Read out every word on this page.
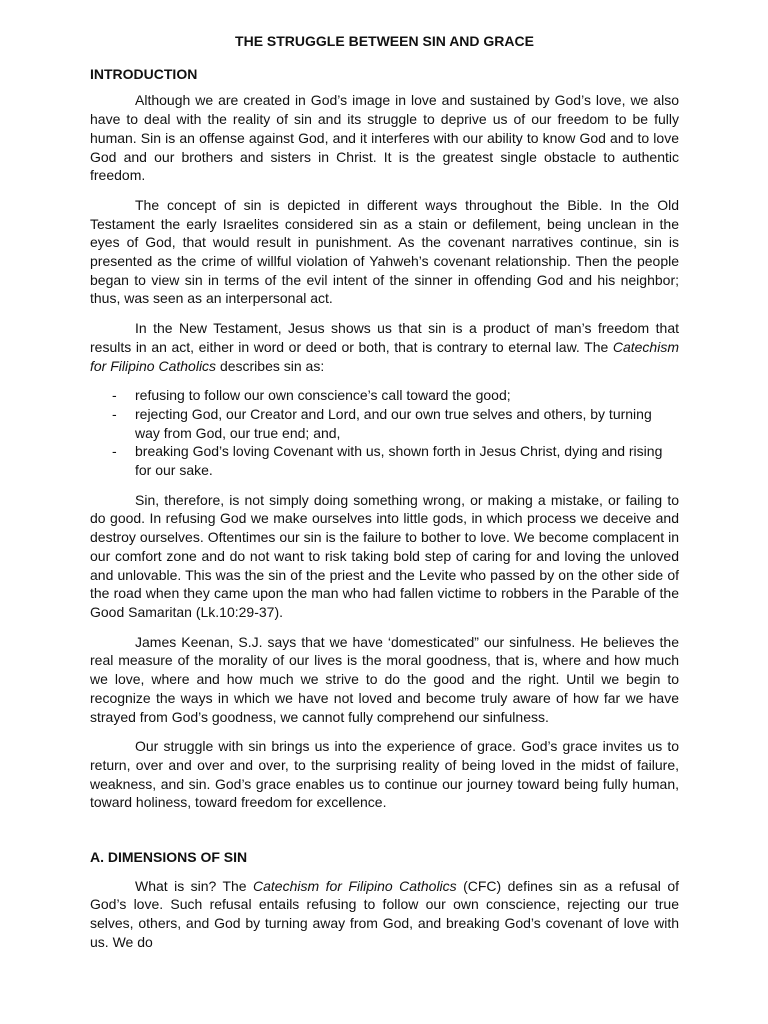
THE STRUGGLE BETWEEN SIN AND GRACE
INTRODUCTION

Although we are created in God’s image in love and sustained by God’s love, we also have to deal with the reality of sin and its struggle to deprive us of our freedom to be fully human. Sin is an offense against God, and it interferes with our ability to know God and to love God and our brothers and sisters in Christ. It is the greatest single obstacle to authentic freedom.

The concept of sin is depicted in different ways throughout the Bible. In the Old Testament the early Israelites considered sin as a stain or defilement, being unclean in the eyes of God, that would result in punishment. As the covenant narratives continue, sin is presented as the crime of willful violation of Yahweh’s covenant relationship. Then the people began to view sin in terms of the evil intent of the sinner in offending God and his neighbor; thus, was seen as an interpersonal act.

In the New Testament, Jesus shows us that sin is a product of man’s freedom that results in an act, either in word or deed or both, that is contrary to eternal law. The Catechism for Filipino Catholics describes sin as:

- refusing to follow our own conscience’s call toward the good;
- rejecting God, our Creator and Lord, and our own true selves and others, by turning way from God, our true end; and,
- breaking God’s loving Covenant with us, shown forth in Jesus Christ, dying and rising for our sake.

Sin, therefore, is not simply doing something wrong, or making a mistake, or failing to do good. In refusing God we make ourselves into little gods, in which process we deceive and destroy ourselves. Oftentimes our sin is the failure to bother to love. We become complacent in our comfort zone and do not want to risk taking bold step of caring for and loving the unloved and unlovable. This was the sin of the priest and the Levite who passed by on the other side of the road when they came upon the man who had fallen victime to robbers in the Parable of the Good Samaritan (Lk.10:29-37).

James Keenan, S.J. says that we have ‘domesticated” our sinfulness. He believes the real measure of the morality of our lives is the moral goodness, that is, where and how much we love, where and how much we strive to do the good and the right. Until we begin to recognize the ways in which we have not loved and become truly aware of how far we have strayed from God’s goodness, we cannot fully comprehend our sinfulness.

Our struggle with sin brings us into the experience of grace. God’s grace invites us to return, over and over and over, to the surprising reality of being loved in the midst of failure, weakness, and sin. God’s grace enables us to continue our journey toward being fully human, toward holiness, toward freedom for excellence.

A. DIMENSIONS OF SIN

What is sin? The Catechism for Filipino Catholics (CFC) defines sin as a refusal of God’s love. Such refusal entails refusing to follow our own conscience, rejecting our true selves, others, and God by turning away from God, and breaking God’s covenant of love with us. We do
